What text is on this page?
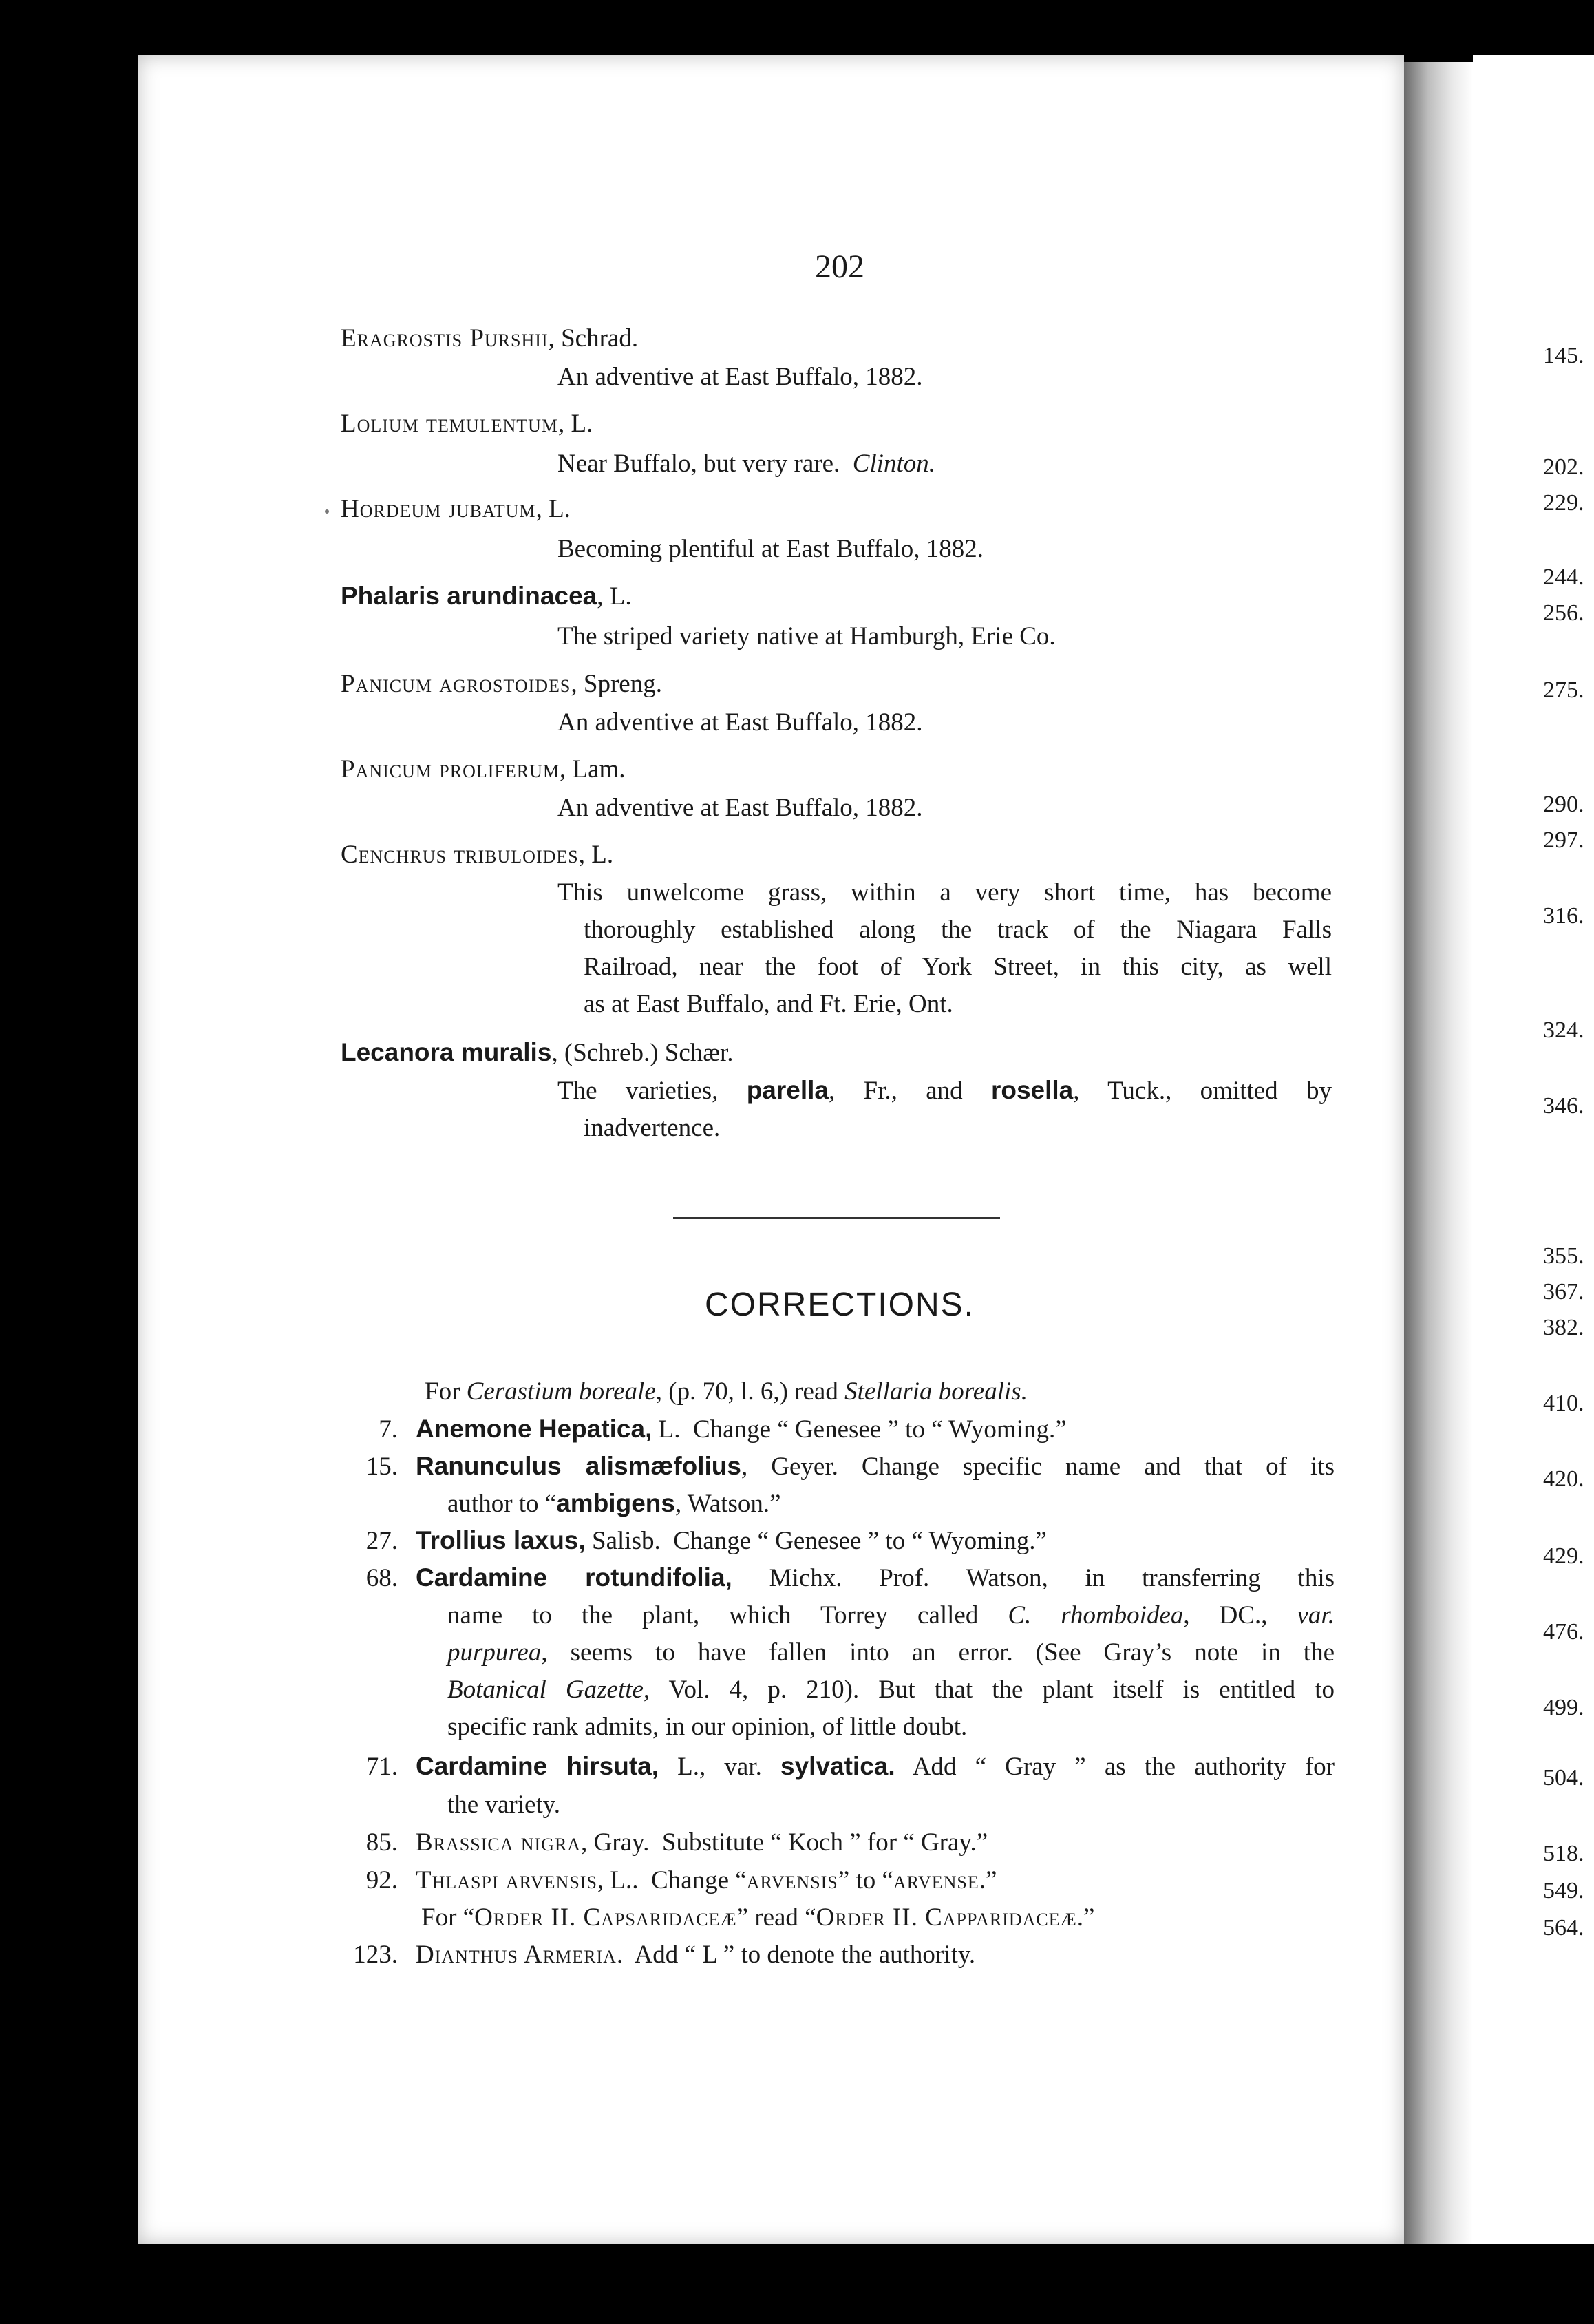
202
Eragrostis Purshii, Schrad.
An adventive at East Buffalo, 1882.
Lolium temulentum, L.
Near Buffalo, but very rare. Clinton.
Hordeum jubatum, L.
Becoming plentiful at East Buffalo, 1882.
Phalaris arundinacea, L.
The striped variety native at Hamburgh, Erie Co.
Panicum agrostoides, Spreng.
An adventive at East Buffalo, 1882.
Panicum proliferum, Lam.
An adventive at East Buffalo, 1882.
Cenchrus tribuloides, L.
This unwelcome grass, within a very short time, has become
thoroughly established along the track of the Niagara Falls
Railroad, near the foot of York Street, in this city, as well
as at East Buffalo, and Ft. Erie, Ont.
Lecanora muralis, (Schreb.) Schær.
The varieties, parella, Fr., and rosella, Tuck., omitted by
inadvertence.
CORRECTIONS.
For Cerastium boreale, (p. 70, l. 6,) read Stellaria borealis.
7. Anemone Hepatica, L.  Change “ Genesee ” to “ Wyoming.”
15. Ranunculus alismæfolius, Geyer. Change specific name and that of its
author to “ambigens, Watson.”
27. Trollius laxus, Salisb.  Change “ Genesee ” to “ Wyoming.”
68. Cardamine rotundifolia, Michx. Prof. Watson, in transferring this
name to the plant, which Torrey called C. rhomboidea, DC., var.
purpurea, seems to have fallen into an error. (See Gray’s note in the
Botanical Gazette, Vol. 4, p. 210). But that the plant itself is entitled to
specific rank admits, in our opinion, of little doubt.
71. Cardamine hirsuta, L., var. sylvatica. Add “ Gray ” as the authority for
the variety.
85. Brassica nigra, Gray.  Substitute “ Koch ” for “ Gray.”
92. Thlaspi arvensis, L..  Change “arvensis” to “arvense.”
For “Order II. Capsaridaceæ” read “Order II. Capparidaceæ.”
123. Dianthus Armeria.  Add “ L ” to denote the authority.
145.
202.
229.
244.
256.
275.
290.
297.
316.
324.
346.
355.
367.
382.
410.
420.
429.
476.
499.
504.
518.
549.
564.
